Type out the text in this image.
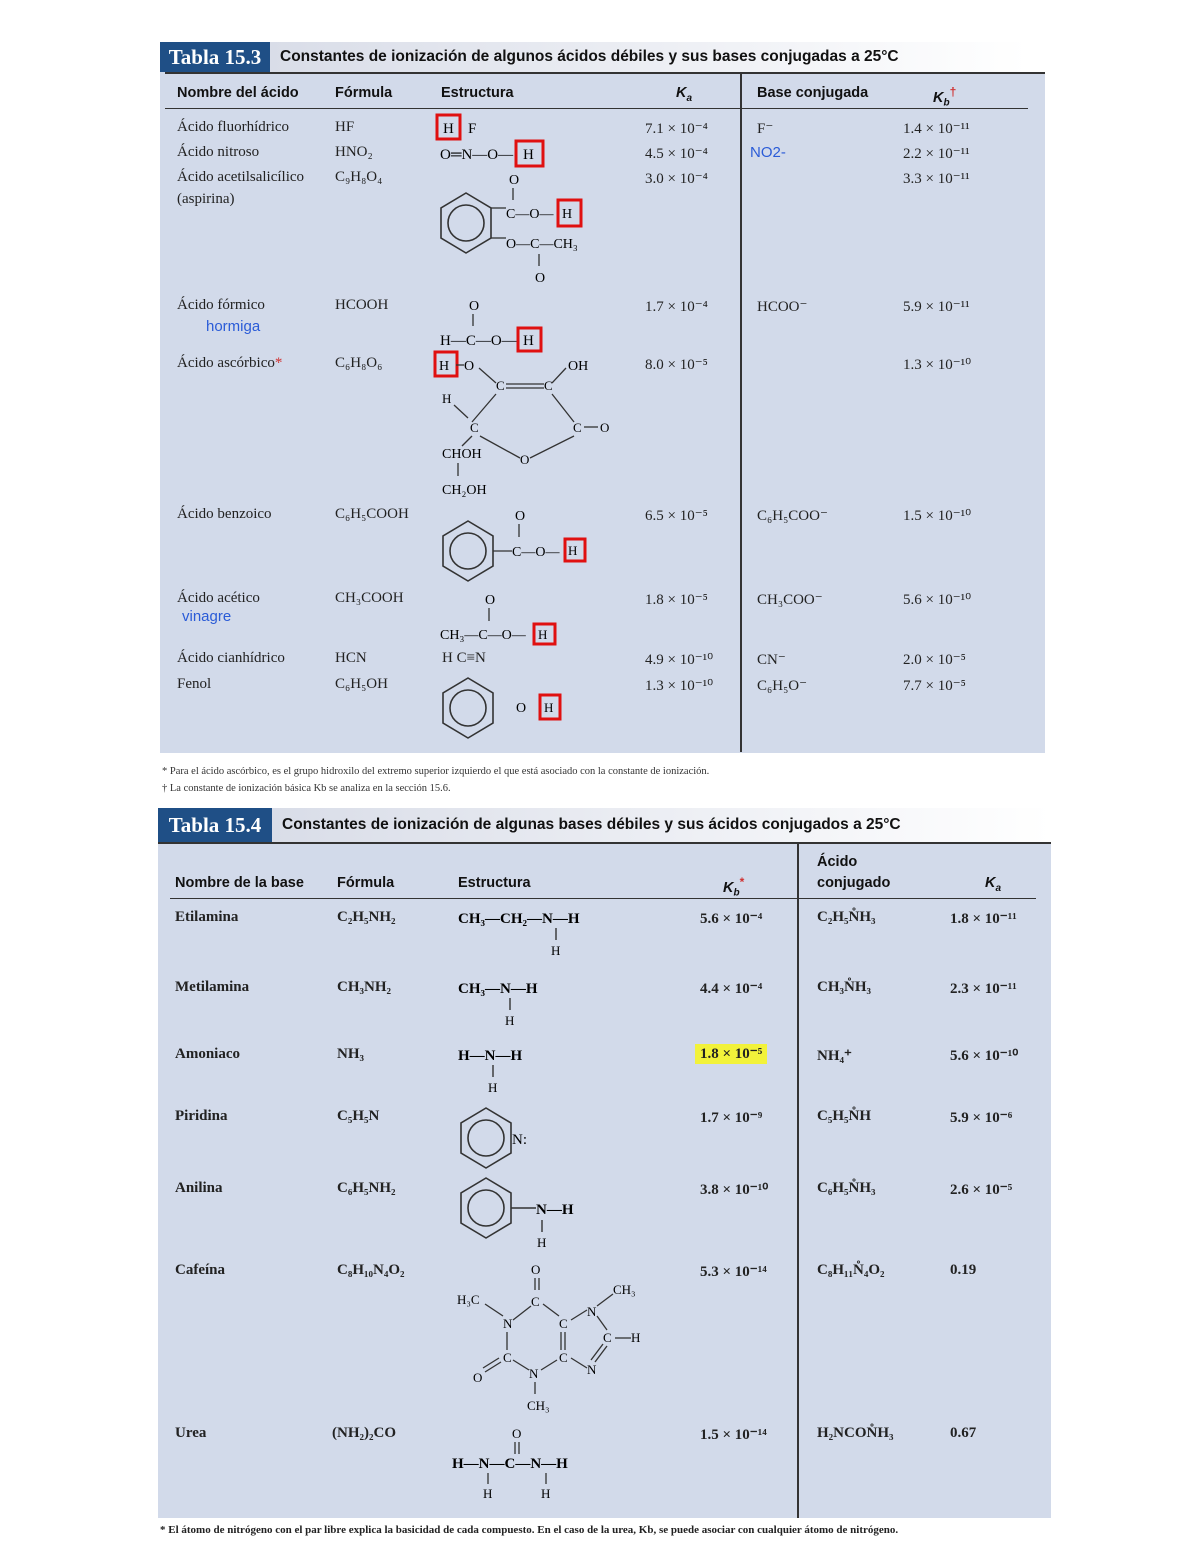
Tabla 15.3	Constantes de ionización de algunos ácidos débiles y sus bases conjugadas a 25°C
Nombre del ácido	Fórmula	Estructura	$K_a$	Base conjugada	$K_b^\dagger$
Ácido fluorhídrico	HF	7.1 × 10⁻⁴	F⁻	1.4 × 10⁻¹¹
H F
Ácido nitroso	HNO₂	4.5 × 10⁻⁴	NO2-	2.2 × 10⁻¹¹
O═N—O— H
Ácido acetilsalicílico
(aspirina)
C₉H₈O₄	3.0 × 10⁻⁴	3.3 × 10⁻¹¹
O
C—O— H
O—C—CH₃
O
Ácido fórmico
hormiga
HCOOH	1.7 × 10⁻⁴	HCOO⁻	5.9 × 10⁻¹¹
O
H—C—O— H
Ácido ascórbico*	C₆H₈O₆	8.0 × 10⁻⁵	1.3 × 10⁻¹⁰
H O	OH
C	C
H
C	C O
O
CHOH
CH₂OH
Ácido benzoico	C₆H₅COOH	6.5 × 10⁻⁵	C₆H₅COO⁻	1.5 × 10⁻¹⁰
O
C—O— H
Ácido acético
vinagre
CH₃COOH	1.8 × 10⁻⁵	CH₃COO⁻	5.6 × 10⁻¹⁰
O
CH₃—C—O— H
Ácido cianhídrico	HCN	H C≡N	4.9 × 10⁻¹⁰	CN⁻	2.0 × 10⁻⁵
Fenol	C₆H₅OH	1.3 × 10⁻¹⁰	C₆H₅O⁻	7.7 × 10⁻⁵
O H
* Para el ácido ascórbico, es el grupo hidroxilo del extremo superior izquierdo el que está asociado con la constante de ionización.
† La constante de ionización básica Kb se analiza en la sección 15.6.
Tabla 15.4	Constantes de ionización de algunas bases débiles y sus ácidos conjugados a 25°C
Nombre de la base Fórmula	Estructura	$K_b^*$
Ácido
conjugado	$K_a$
Etilamina	C₂H₅NH₂	5.6 × 10⁻⁴	C₂H₅N̊H₃	1.8 × 10⁻¹¹
CH₃—CH₂—N—H
H
Metilamina	CH₃NH₂	4.4 × 10⁻⁴	CH₃N̊H₃	2.3 × 10⁻¹¹
CH₃—N—H
H
Amoniaco	NH₃	1.8 × 10⁻⁵	NH₄⁺	5.6 × 10⁻¹⁰
H—N—H
H
Piridina	C₅H₅N	1.7 × 10⁻⁹	C₅H₅N̊H	5.9 × 10⁻⁶
N:
Anilina	C₆H₅NH₂	3.8 × 10⁻¹⁰	C₆H₅N̊H₃	2.6 × 10⁻⁵
N—H
H
Cafeína	C₈H₁₀N₄O₂	5.3 × 10⁻¹⁴	C₈H₁₁N̊₄O₂	0.19
O
H₃C	C
N	C
N
CH₃
H
C
C	C
N
O	N
CH₃
Urea	(NH₂)₂CO	1.5 × 10⁻¹⁴	H₂NCON̊H₃	0.67
O
H—N—C—N—H
H	H
* El átomo de nitrógeno con el par libre explica la basicidad de cada compuesto. En el caso de la urea, Kb, se puede asociar con cualquier átomo de nitrógeno.
